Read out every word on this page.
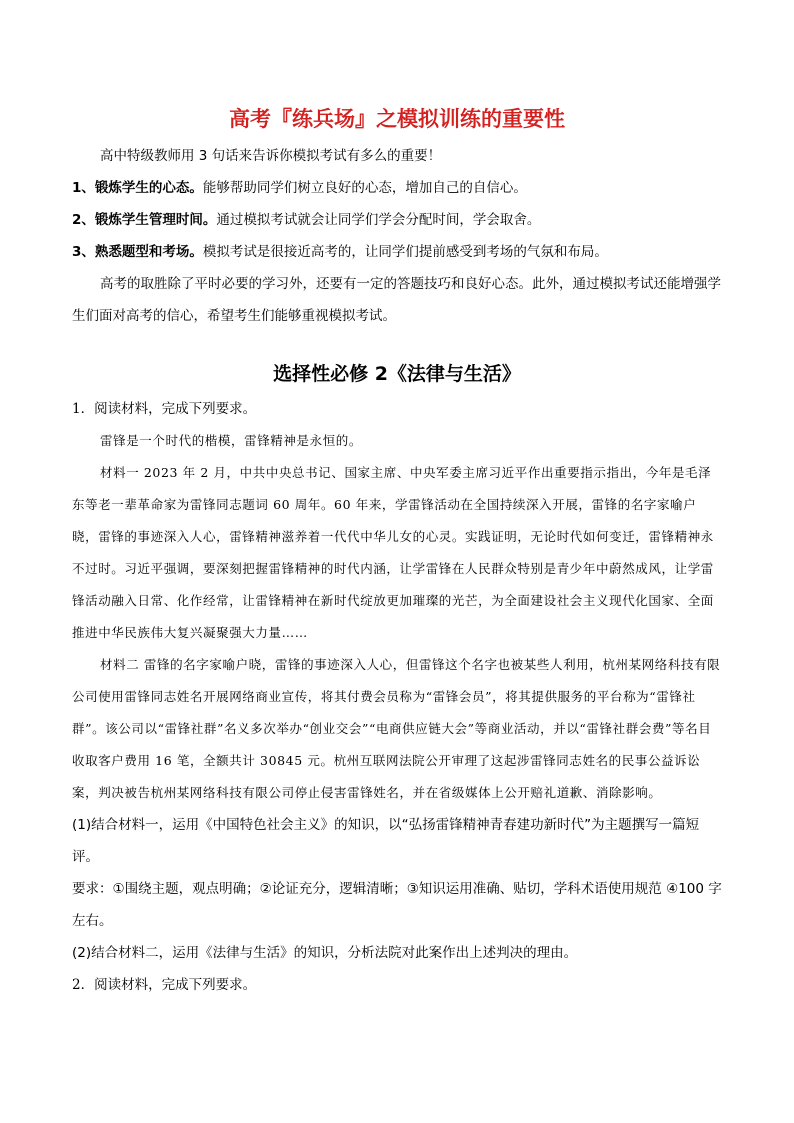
高考『练兵场』之模拟训练的重要性

高中特级教师用 3 句话来告诉你模拟考试有多么的重要！

1、锻炼学生的心态。能够帮助同学们树立良好的心态，增加自己的自信心。

2、锻炼学生管理时间。通过模拟考试就会让同学们学会分配时间，学会取舍。

3、熟悉题型和考场。模拟考试是很接近高考的，让同学们提前感受到考场的气氛和布局。

高考的取胜除了平时必要的学习外，还要有一定的答题技巧和良好心态。此外，通过模拟考试还能增强学生们面对高考的信心，希望考生们能够重视模拟考试。

选择性必修 2《法律与生活》

1．阅读材料，完成下列要求。

雷锋是一个时代的楷模，雷锋精神是永恒的。

材料一 2023 年 2 月，中共中央总书记、国家主席、中央军委主席习近平作出重要指示指出，今年是毛泽东等老一辈革命家为雷锋同志题词 60 周年。60 年来，学雷锋活动在全国持续深入开展，雷锋的名字家喻户晓，雷锋的事迹深入人心，雷锋精神滋养着一代代中华儿女的心灵。实践证明，无论时代如何变迁，雷锋精神永不过时。习近平强调，要深刻把握雷锋精神的时代内涵，让学雷锋在人民群众特别是青少年中蔚然成风，让学雷锋活动融入日常、化作经常，让雷锋精神在新时代绽放更加璀璨的光芒，为全面建设社会主义现代化国家、全面推进中华民族伟大复兴凝聚强大力量……

材料二 雷锋的名字家喻户晓，雷锋的事迹深入人心，但雷锋这个名字也被某些人利用，杭州某网络科技有限公司使用雷锋同志姓名开展网络商业宣传，将其付费会员称为“雷锋会员”，将其提供服务的平台称为“雷锋社群”。该公司以“雷锋社群”名义多次举办“创业交会”“电商供应链大会”等商业活动，并以“雷锋社群会费”等名目收取客户费用 16 笔，全额共计 30845 元。杭州互联网法院公开审理了这起涉雷锋同志姓名的民事公益诉讼案，判决被告杭州某网络科技有限公司停止侵害雷锋姓名，并在省级媒体上公开赔礼道歉、消除影响。

(1)结合材料一，运用《中国特色社会主义》的知识，以“弘扬雷锋精神青春建功新时代”为主题撰写一篇短评。

要求：①围绕主题，观点明确；②论证充分，逻辑清晰；③知识运用准确、贴切，学科术语使用规范 ④100 字左右。

(2)结合材料二，运用《法律与生活》的知识，分析法院对此案作出上述判决的理由。

2．阅读材料，完成下列要求。
